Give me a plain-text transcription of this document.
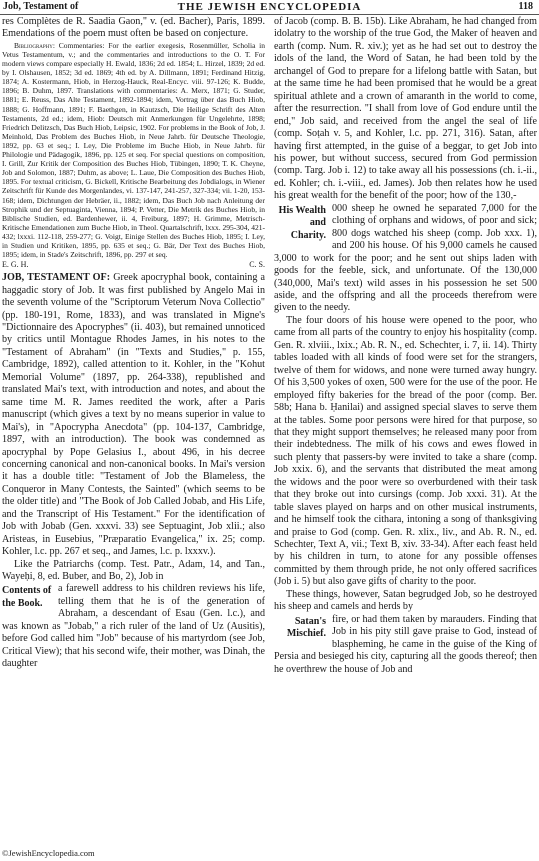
Job, Testament of	THE JEWISH ENCYCLOPEDIA	118

res Complètes de R. Saadia Gaon," v. (ed. Bacher), Paris, 1899. Emendations of the poem must often be based on conjecture.

Bibliography: Commentaries: For the earlier exegesis, Rosenmüller, Scholia in Vetus Testamentum, v.; and the commentaries and introductions to the O. T. For modern views compare especially H. Ewald, 1836; 2d ed. 1854; L. Hirzel, 1839; 2d ed. by I. Olshausen, 1852; 3d ed. 1869; 4th ed. by A. Dillmann, 1891; Ferdinand Hitzig, 1874; A. Kostermann, Hiob, in Herzog-Hauck, Real-Encyc. viii. 97-126; K. Budde, 1896; B. Duhm, 1897. Translations with commentaries: A. Merx, 1871; G. Studer, 1881; E. Reuss, Das Alte Testament, 1892-1894; idem, Vortrag über das Buch Hiob, 1888; G. Hoffmann, 1891; F. Baethgen, in Kautzsch, Die Heilige Schrift des Alten Testaments, 2d ed.; idem, Hiob: Deutsch mit Anmerkungen für Ungelehrte, 1898; Friedrich Delitzsch, Das Buch Hiob, Leipsic, 1902. For problems in the Book of Job, J. Meinhold, Das Problem des Buches Hiob, in Neue Jahrb. für Deutsche Theologie, 1892, pp. 63 et seq.; I. Ley, Die Probleme im Buche Hiob, in Neue Jahrb. für Philologie und Pädagogik, 1896, pp. 125 et seq. For special questions on composition, I. Grill, Zur Kritik der Composition des Buches Hiob, Tübingen, 1890; T. K. Cheyne, Job and Solomon, 1887; Duhm, as above; L. Laue, Die Composition des Buches Hiob, 1895. For textual criticism, G. Bickell, Kritische Bearbeitung des Jobdialogs, in Wiener Zeitschrift für Kunde des Morgenlandes, vi. 137-147, 241-257, 327-334; vii. 1-20, 153-168; idem, Dichtungen der Hebräer, ii., 1882; idem, Das Buch Job nach Anleitung der Strophik und der Septuaginta, Vienna, 1894; P. Vetter, Die Metrik des Buches Hiob, in Biblische Studien, ed. Bardenhewer, ii. 4, Freiburg, 1897; H. Grimme, Metrisch-Kritische Emendationen zum Buche Hiob, in Theol. Quartalschrift, lxxx. 295-304, 421-432; lxxxi. 112-118, 259-277; G. Voigt, Einige Stellen des Buches Hiob, 1895; I. Ley, in Studien und Kritiken, 1895, pp. 635 et seq.; G. Bär, Der Text des Buches Hiob, 1895; idem, in Stade's Zeitschrift, 1896, pp. 297 et seq.

E. G. H.	C. S.

JOB, TESTAMENT OF: Greek apocryphal book, containing a haggadic story of Job. It was first published by Angelo Mai in the seventh volume of the "Scriptorum Veterum Nova Collectio" (pp. 180-191, Rome, 1833), and was translated in Migne's "Dictionnaire des Apocryphes" (ii. 403), but remained unnoticed by critics until Montague Rhodes James, in his notes to the "Testament of Abraham" (in "Texts and Studies," p. 155, Cambridge, 1892), called attention to it. Kohler, in the "Kohut Memorial Volume" (1897, pp. 264-338), republished and translated Mai's text, with introduction and notes, and about the same time M. R. James reedited the work, after a Paris manuscript (which gives a text by no means superior in value to Mai's), in "Apocrypha Anecdota" (pp. 104-137, Cambridge, 1897, with an introduction). The book was condemned as apocryphal by Pope Gelasius I., about 496, in his decree concerning canonical and non-canonical books. In Mai's version it has a double title: "Testament of Job the Blameless, the Conqueror in Many Contests, the Sainted" (which seems to be the older title) and "The Book of Job Called Jobab, and His Life, and the Transcript of His Testament." For the identification of Job with Jobab (Gen. xxxvi. 33) see Septuagint, Job xlii.; also Aristeas, in Eusebius, "Præparatio Evangelica," ix. 25; comp. Kohler, l.c. pp. 267 et seq., and James, l.c. p. lxxxv.).

Like the Patriarchs (comp. Test. Patr., Adam, 14, and Tan., Wayeḥi, 8, ed. Buber, and Bo, 2), Job in

Contents of the Book.

a farewell address to his children reviews his life, telling them that he is of the generation of Abraham, a descendant of Esau (Gen. l.c.), and was known as "Jobab," a rich ruler of the land of Uz (Ausitis), before God called him "Job" because of his martyrdom (see Job, Critical View); that his second wife, their mother, was Dinah, the daughter

of Jacob (comp. B. B. 15b). Like Abraham, he had changed from idolatry to the worship of the true God, the Maker of heaven and earth (comp. Num. R. xiv.); yet as he had set out to destroy the idols of the land, the Word of Satan, he had been told by the archangel of God to prepare for a lifelong battle with Satan, but at the same time he had been promised that he would be a great spiritual athlete and a crown of amaranth in the world to come, after the resurrection. "I shall from love of God endure until the end," Job said, and received from the angel the seal of life (comp. Soṭah v. 5, and Kohler, l.c. pp. 271, 316). Satan, after having first attempted, in the guise of a beggar, to get Job into his power, but without success, secured from God permission (comp. Targ. Job i. 12) to take away all his possessions (ch. i.-ii., ed. Kohler; ch. i.-viii., ed. James). Job then relates how he used his great wealth for the benefit of the poor; how of the 130,-

His Wealth and Charity.

000 sheep he owned he separated 7,000 for the clothing of orphans and widows, of poor and sick; 800 dogs watched his sheep (comp. Job xxx. 1), and 200 his house. Of his 9,000 camels he caused 3,000 to work for the poor; and he sent out ships laden with goods for the feeble, sick, and unfortunate. Of the 130,000 (340,000, Mai's text) wild asses in his possession he set 500 aside, and the offspring and all the proceeds therefrom were given to the needy.

The four doors of his house were opened to the poor, who came from all parts of the country to enjoy his hospitality (comp. Gen. R. xlviii., lxix.; Ab. R. N., ed. Schechter, i. 7, ii. 14). Thirty tables loaded with all kinds of food were set for the strangers, twelve of them for widows, and none were turned away hungry. Of his 3,500 yokes of oxen, 500 were for the use of the poor. He employed fifty bakeries for the bread of the poor (comp. Ber. 58b; Hana b. Ḥanilai) and assigned special slaves to serve them at the tables. Some poor persons were hired for that purpose, so that they might support themselves; he released many poor from their indebtedness. The milk of his cows and ewes flowed in such plenty that passers-by were invited to take a share (comp. Job xxix. 6), and the servants that distributed the meat among the widows and the poor were so overburdened with their task that they broke out into cursings (comp. Job xxxi. 31). At the table slaves played on harps and on other musical instruments, and he himself took the cithara, intoning a song of thanksgiving and praise to God (comp. Gen. R. xlix., liv., and Ab. R. N., ed. Schechter, Text A, vii.; Text B, xiv. 33-34). After each feast held by his children in turn, to atone for any possible offenses committed by them through pride, he not only offered sacrifices (Job i. 5) but also gave gifts of charity to the poor.

These things, however, Satan begrudged Job, so he destroyed his sheep and camels and herds by

Satan's Mischief.

fire, or had them taken by marauders. Finding that Job in his pity still gave praise to God, instead of blaspheming, he came in the guise of the King of Persia and besieged his city, capturing all the goods thereof; then he overthrew the house of Job and

©JewishEncyclopedia.com
